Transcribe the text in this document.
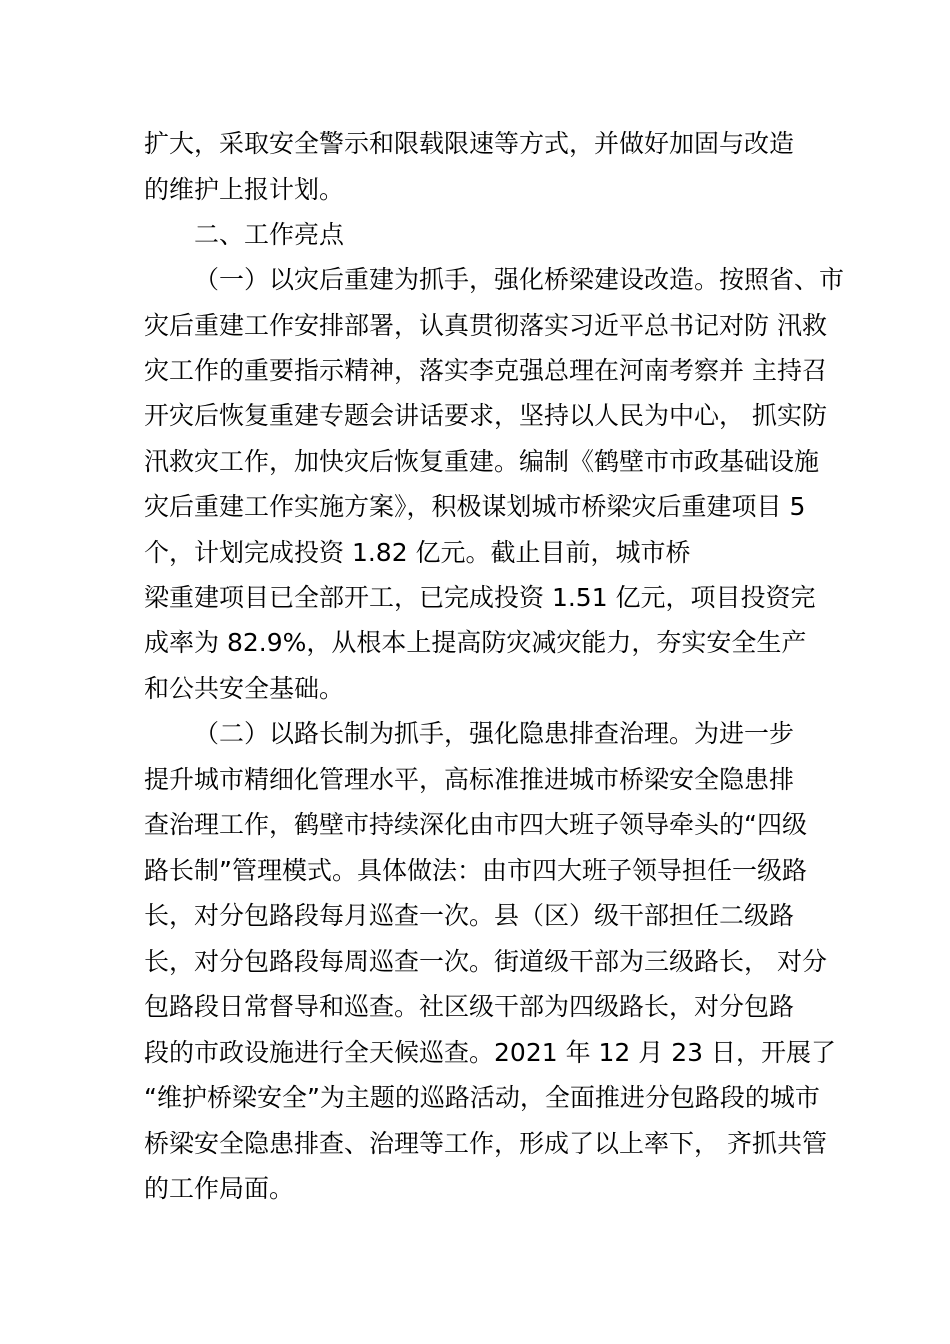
扩大，采取安全警示和限载限速等方式，并做好加固与改造
的维护上报计划。
二、工作亮点
（一）以灾后重建为抓手，强化桥梁建设改造。按照省、市
灾后重建工作安排部署，认真贯彻落实习近平总书记对防 汛救
灾工作的重要指示精神，落实李克强总理在河南考察并 主持召
开灾后恢复重建专题会讲话要求，坚持以人民为中心， 抓实防
汛救灾工作，加快灾后恢复重建。编制《鹤壁市市政基础设施
灾后重建工作实施方案》，积极谋划城市桥梁灾后重建项目 5
个，计划完成投资 1.82 亿元。截止目前，城市桥
梁重建项目已全部开工，已完成投资 1.51 亿元，项目投资完
成率为 82.9%，从根本上提高防灾减灾能力，夯实安全生产
和公共安全基础。
（二）以路长制为抓手，强化隐患排查治理。为进一步
提升城市精细化管理水平，高标准推进城市桥梁安全隐患排
查治理工作，鹤壁市持续深化由市四大班子领导牵头的“四级
路长制”管理模式。具体做法：由市四大班子领导担任一级路
长，对分包路段每月巡查一次。县（区）级干部担任二级路
长，对分包路段每周巡查一次。街道级干部为三级路长， 对分
包路段日常督导和巡查。社区级干部为四级路长，对分包路
段的市政设施进行全天候巡查。2021 年 12 月 23 日，开展了
“维护桥梁安全”为主题的巡路活动，全面推进分包路段的城市
桥梁安全隐患排查、治理等工作，形成了以上率下， 齐抓共管
的工作局面。
